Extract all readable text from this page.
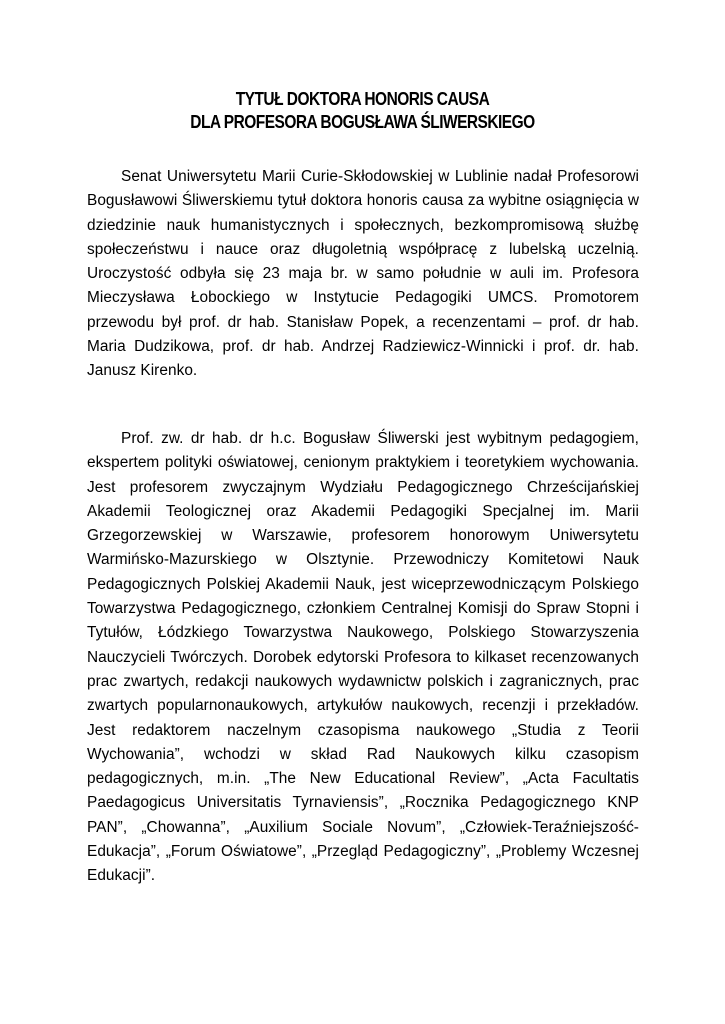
TYTUŁ DOKTORA HONORIS CAUSA
DLA PROFESORA BOGUSŁAWA ŚLIWERSKIEGO

Senat Uniwersytetu Marii Curie-Skłodowskiej w Lublinie nadał Profesorowi Bogusławowi Śliwerskiemu tytuł doktora honoris causa za wybitne osiągnięcia w dziedzinie nauk humanistycznych i społecznych, bezkompromisową służbę społeczeństwu i nauce oraz długoletnią współpracę z lubelską uczelnią. Uroczystość odbyła się 23 maja br. w samo południe w auli im. Profesora Mieczysława Łobockiego w Instytucie Pedagogiki UMCS. Promotorem przewodu był prof. dr hab. Stanisław Popek, a recenzentami – prof. dr hab. Maria Dudzikowa, prof. dr hab. Andrzej Radziewicz-Winnicki i prof. dr. hab. Janusz Kirenko.

Prof. zw. dr hab. dr h.c. Bogusław Śliwerski jest wybitnym pedagogiem, ekspertem polityki oświatowej, cenionym praktykiem i teoretykiem wychowania. Jest profesorem zwyczajnym Wydziału Pedagogicznego Chrześcijańskiej Akademii Teologicznej oraz Akademii Pedagogiki Specjalnej im. Marii Grzegorzewskiej w Warszawie, profesorem honorowym Uniwersytetu Warmińsko-Mazurskiego w Olsztynie. Przewodniczy Komitetowi Nauk Pedagogicznych Polskiej Akademii Nauk, jest wiceprzewodniczącym Polskiego Towarzystwa Pedagogicznego, członkiem Centralnej Komisji do Spraw Stopni i Tytułów, Łódzkiego Towarzystwa Naukowego, Polskiego Stowarzyszenia Nauczycieli Twórczych. Dorobek edytorski Profesora to kilkaset recenzowanych prac zwartych, redakcji naukowych wydawnictw polskich i zagranicznych, prac zwartych popularnonaukowych, artykułów naukowych, recenzji i przekładów. Jest redaktorem naczelnym czasopisma naukowego „Studia z Teorii Wychowania”, wchodzi w skład Rad Naukowych kilku czasopism pedagogicznych, m.in. „The New Educational Review”, „Acta Facultatis Paedagogicus Universitatis Tyrnaviensis”, „Rocznika Pedagogicznego KNP PAN”, „Chowanna”, „Auxilium Sociale Novum”, „Człowiek-Teraźniejszość-Edukacja”, „Forum Oświatowe”, „Przegląd Pedagogiczny”, „Problemy Wczesnej Edukacji”.
